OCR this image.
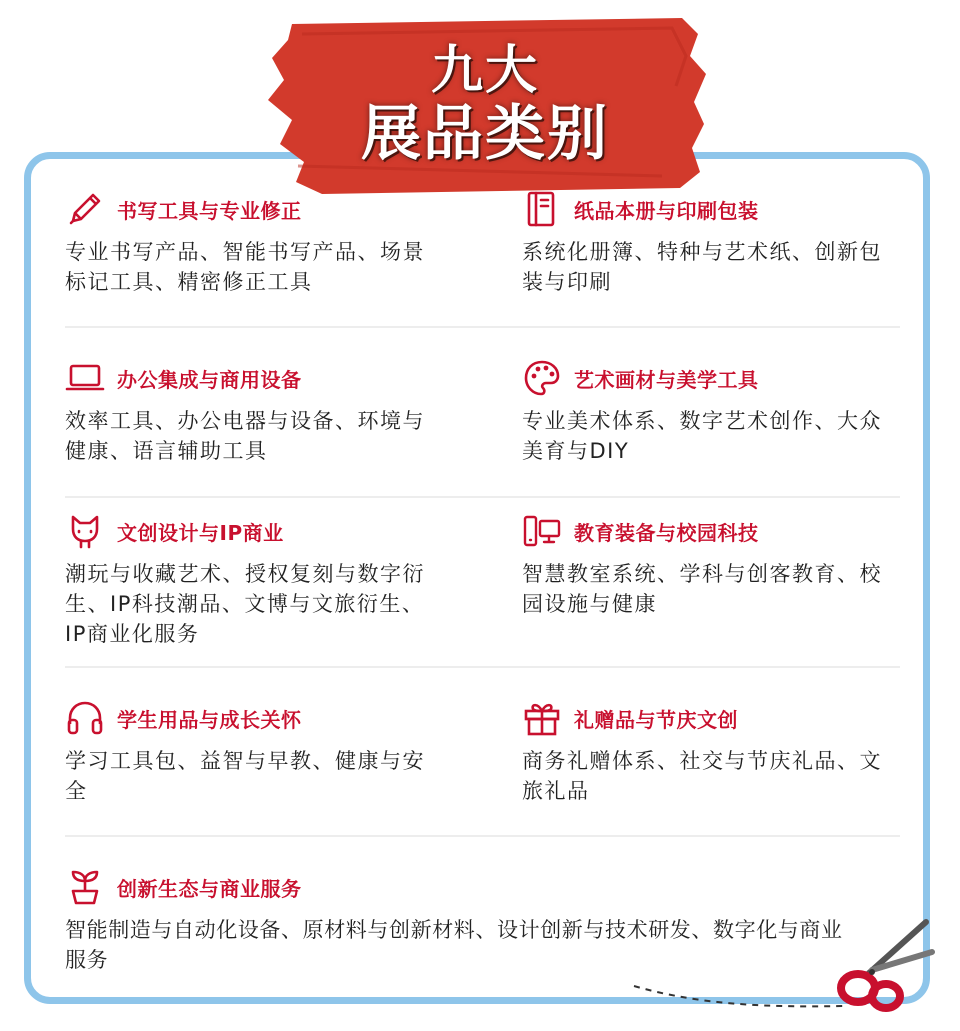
九大
展品类别
书写工具与专业修正
专业书写产品、智能书写产品、场景
标记工具、精密修正工具
纸品本册与印刷包装
系统化册簿、特种与艺术纸、创新包
装与印刷
办公集成与商用设备
效率工具、办公电器与设备、环境与
健康、语言辅助工具
艺术画材与美学工具
专业美术体系、数字艺术创作、大众
美育与DIY
文创设计与IP商业
潮玩与收藏艺术、授权复刻与数字衍
生、IP科技潮品、文博与文旅衍生、
IP商业化服务
教育装备与校园科技
智慧教室系统、学科与创客教育、校
园设施与健康
学生用品与成长关怀
学习工具包、益智与早教、健康与安
全
礼赠品与节庆文创
商务礼赠体系、社交与节庆礼品、文
旅礼品
创新生态与商业服务
智能制造与自动化设备、原材料与创新材料、设计创新与技术研发、数字化与商业
服务
